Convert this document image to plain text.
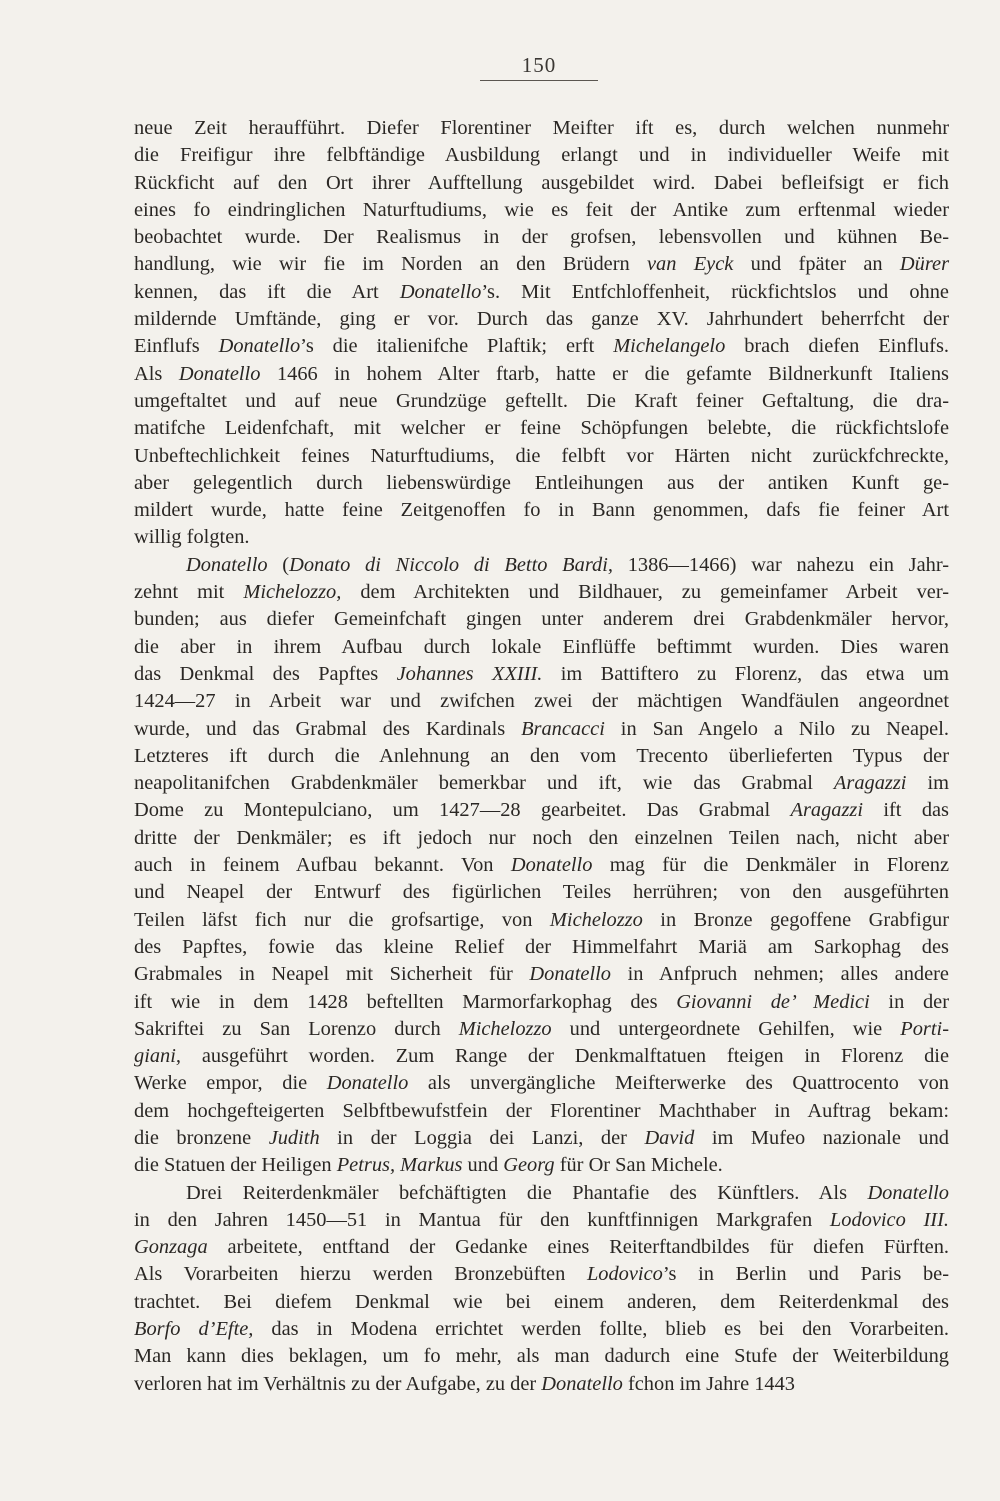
150
neue Zeit heraufführt. Diefer Florentiner Meifter ift es, durch welchen nunmehr
die Freifigur ihre felbftändige Ausbildung erlangt und in individueller Weife mit
Rückficht auf den Ort ihrer Aufftellung ausgebildet wird. Dabei befleifsigt er fich
eines fo eindringlichen Naturftudiums, wie es feit der Antike zum erftenmal wieder
beobachtet wurde. Der Realismus in der grofsen, lebensvollen und kühnen Be-
handlung, wie wir fie im Norden an den Brüdern van Eyck und fpäter an Dürer
kennen, das ift die Art Donatello’s. Mit Entfchloffenheit, rückfichtslos und ohne
mildernde Umftände, ging er vor. Durch das ganze XV. Jahrhundert beherrfcht der
Einflufs Donatello’s die italienifche Plaftik; erft Michelangelo brach diefen Einflufs.
Als Donatello 1466 in hohem Alter ftarb, hatte er die gefamte Bildnerkunft Italiens
umgeftaltet und auf neue Grundzüge geftellt. Die Kraft feiner Geftaltung, die dra-
matifche Leidenfchaft, mit welcher er feine Schöpfungen belebte, die rückfichtslofe
Unbeftechlichkeit feines Naturftudiums, die felbft vor Härten nicht zurückfchreckte,
aber gelegentlich durch liebenswürdige Entleihungen aus der antiken Kunft ge-
mildert wurde, hatte feine Zeitgenoffen fo in Bann genommen, dafs fie feiner Art
willig folgten.
Donatello (Donato di Niccolo di Betto Bardi, 1386—1466) war nahezu ein Jahr-
zehnt mit Michelozzo, dem Architekten und Bildhauer, zu gemeinfamer Arbeit ver-
bunden; aus diefer Gemeinfchaft gingen unter anderem drei Grabdenkmäler hervor,
die aber in ihrem Aufbau durch lokale Einflüffe beftimmt wurden. Dies waren
das Denkmal des Papftes Johannes XXIII. im Battiftero zu Florenz, das etwa um
1424—27 in Arbeit war und zwifchen zwei der mächtigen Wandfäulen angeordnet
wurde, und das Grabmal des Kardinals Brancacci in San Angelo a Nilo zu Neapel.
Letzteres ift durch die Anlehnung an den vom Trecento überlieferten Typus der
neapolitanifchen Grabdenkmäler bemerkbar und ift, wie das Grabmal Aragazzi im
Dome zu Montepulciano, um 1427—28 gearbeitet. Das Grabmal Aragazzi ift das
dritte der Denkmäler; es ift jedoch nur noch den einzelnen Teilen nach, nicht aber
auch in feinem Aufbau bekannt. Von Donatello mag für die Denkmäler in Florenz
und Neapel der Entwurf des figürlichen Teiles herrühren; von den ausgeführten
Teilen läfst fich nur die grofsartige, von Michelozzo in Bronze gegoffene Grabfigur
des Papftes, fowie das kleine Relief der Himmelfahrt Mariä am Sarkophag des
Grabmales in Neapel mit Sicherheit für Donatello in Anfpruch nehmen; alles andere
ift wie in dem 1428 beftellten Marmorfarkophag des Giovanni de’ Medici in der
Sakriftei zu San Lorenzo durch Michelozzo und untergeordnete Gehilfen, wie Porti-
giani, ausgeführt worden. Zum Range der Denkmalftatuen fteigen in Florenz die
Werke empor, die Donatello als unvergängliche Meifterwerke des Quattrocento von
dem hochgefteigerten Selbftbewufstfein der Florentiner Machthaber in Auftrag bekam:
die bronzene Judith in der Loggia dei Lanzi, der David im Mufeo nazionale und
die Statuen der Heiligen Petrus, Markus und Georg für Or San Michele.
Drei Reiterdenkmäler befchäftigten die Phantafie des Künftlers. Als Donatello
in den Jahren 1450—51 in Mantua für den kunftfinnigen Markgrafen Lodovico III.
Gonzaga arbeitete, entftand der Gedanke eines Reiterftandbildes für diefen Fürften.
Als Vorarbeiten hierzu werden Bronzebüften Lodovico’s in Berlin und Paris be-
trachtet. Bei diefem Denkmal wie bei einem anderen, dem Reiterdenkmal des
Borfo d’Efte, das in Modena errichtet werden follte, blieb es bei den Vorarbeiten.
Man kann dies beklagen, um fo mehr, als man dadurch eine Stufe der Weiterbildung
verloren hat im Verhältnis zu der Aufgabe, zu der Donatello fchon im Jahre 1443
